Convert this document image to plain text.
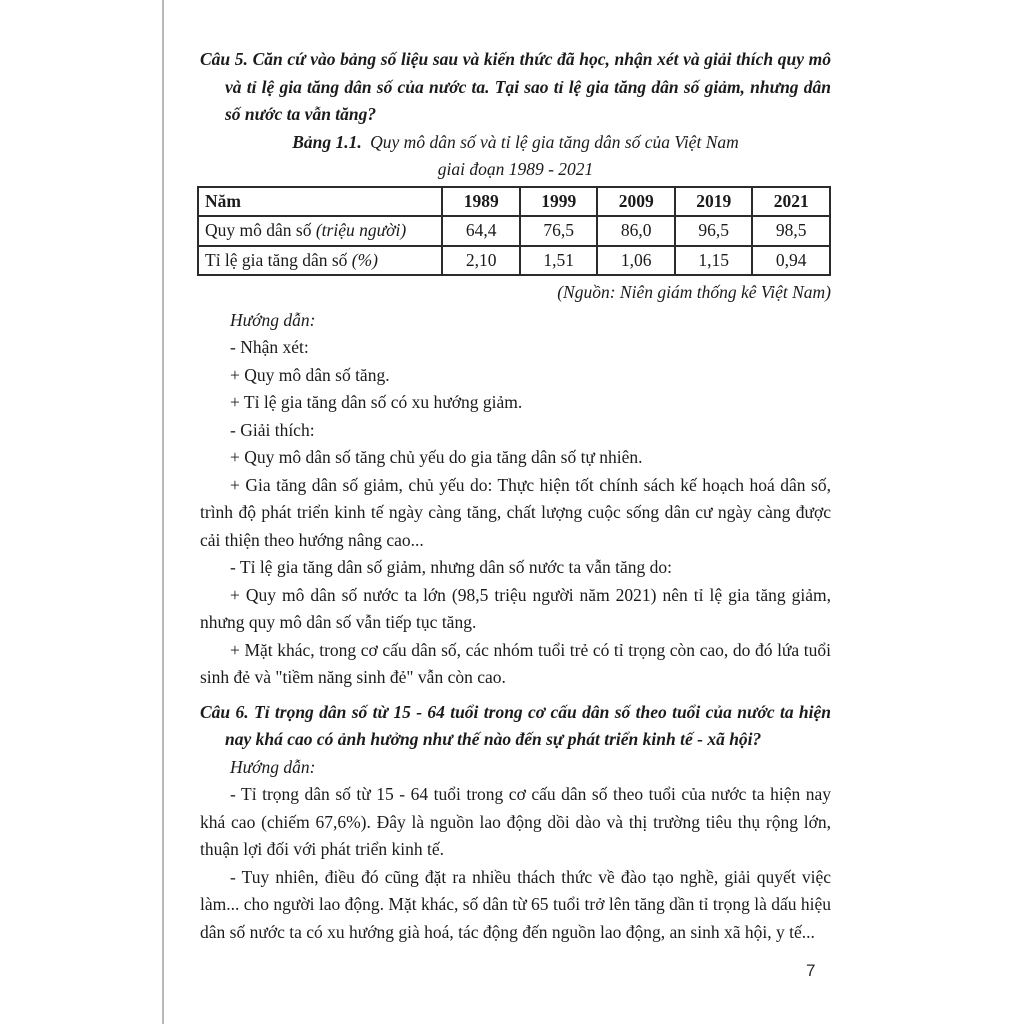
Câu 5. Căn cứ vào bảng số liệu sau và kiến thức đã học, nhận xét và giải thích quy mô và tỉ lệ gia tăng dân số của nước ta. Tại sao tỉ lệ gia tăng dân số giảm, nhưng dân số nước ta vẫn tăng?

Bảng 1.1. Quy mô dân số và tỉ lệ gia tăng dân số của Việt Nam

giai đoạn 1989 - 2021

Năm	1989	1999	2009	2019	2021
Quy mô dân số (triệu người)	64,4	76,5	86,0	96,5	98,5
Tỉ lệ gia tăng dân số (%)	2,10	1,51	1,06	1,15	0,94

(Nguồn: Niên giám thống kê Việt Nam)

Hướng dẫn:

- Nhận xét:

+ Quy mô dân số tăng.

+ Tỉ lệ gia tăng dân số có xu hướng giảm.

- Giải thích:

+ Quy mô dân số tăng chủ yếu do gia tăng dân số tự nhiên.

+ Gia tăng dân số giảm, chủ yếu do: Thực hiện tốt chính sách kế hoạch hoá dân số, trình độ phát triển kinh tế ngày càng tăng, chất lượng cuộc sống dân cư ngày càng được cải thiện theo hướng nâng cao...

- Tỉ lệ gia tăng dân số giảm, nhưng dân số nước ta vẫn tăng do:

+ Quy mô dân số nước ta lớn (98,5 triệu người năm 2021) nên tỉ lệ gia tăng giảm, nhưng quy mô dân số vẫn tiếp tục tăng.

+ Mặt khác, trong cơ cấu dân số, các nhóm tuổi trẻ có tỉ trọng còn cao, do đó lứa tuổi sinh đẻ và "tiềm năng sinh đẻ" vẫn còn cao.

Câu 6. Tỉ trọng dân số từ 15 - 64 tuổi trong cơ cấu dân số theo tuổi của nước ta hiện nay khá cao có ảnh hưởng như thế nào đến sự phát triển kinh tế - xã hội?

Hướng dẫn:

- Tỉ trọng dân số từ 15 - 64 tuổi trong cơ cấu dân số theo tuổi của nước ta hiện nay khá cao (chiếm 67,6%). Đây là nguồn lao động dồi dào và thị trường tiêu thụ rộng lớn, thuận lợi đối với phát triển kinh tế.

- Tuy nhiên, điều đó cũng đặt ra nhiều thách thức về đào tạo nghề, giải quyết việc làm... cho người lao động. Mặt khác, số dân từ 65 tuổi trở lên tăng dần tỉ trọng là dấu hiệu dân số nước ta có xu hướng già hoá, tác động đến nguồn lao động, an sinh xã hội, y tế...

7
